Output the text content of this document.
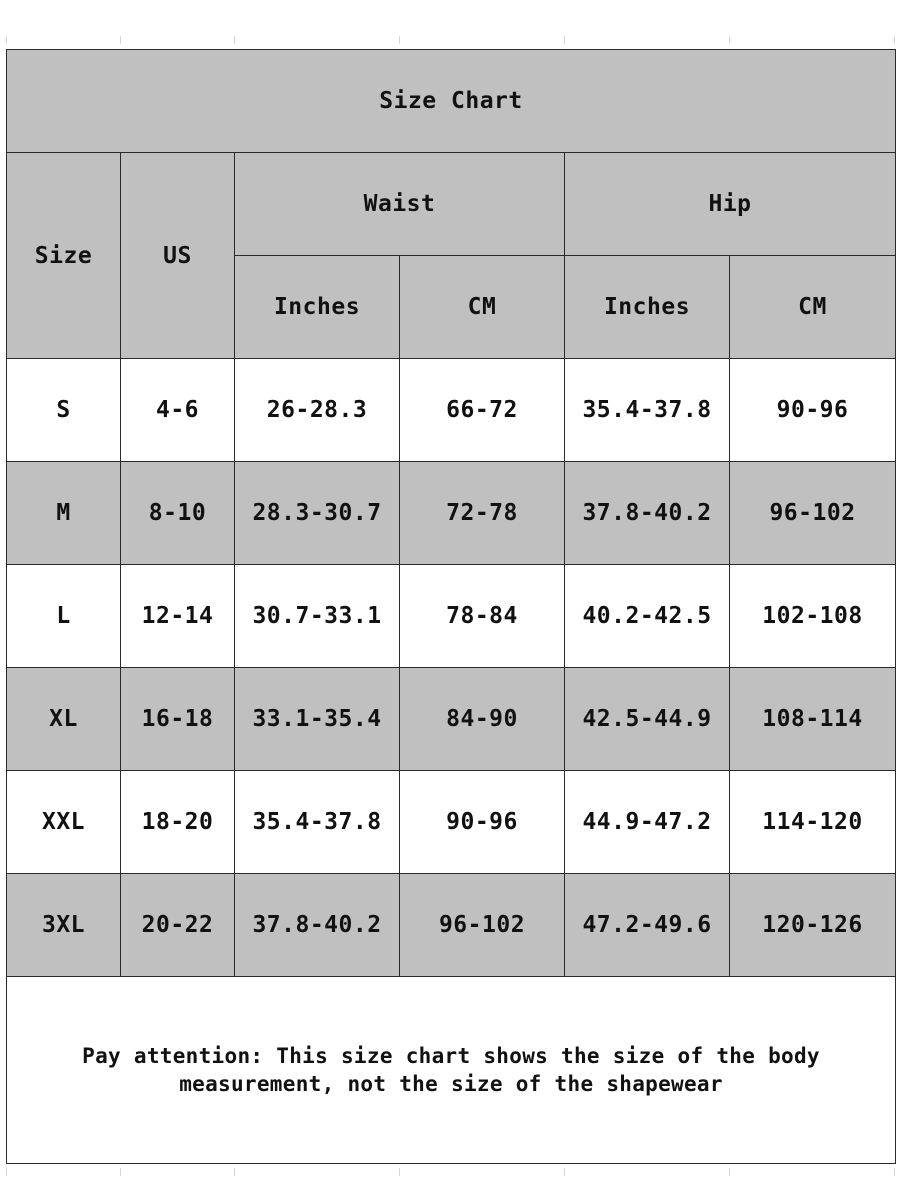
Size Chart					
Size	US	Waist		Hip	
		Inches	CM	Inches	CM
S	4-6	26-28.3	66-72	35.4-37.8	90-96
M	8-10	28.3-30.7	72-78	37.8-40.2	96-102
L	12-14	30.7-33.1	78-84	40.2-42.5	102-108
XL	16-18	33.1-35.4	84-90	42.5-44.9	108-114
XXL	18-20	35.4-37.8	90-96	44.9-47.2	114-120
3XL	20-22	37.8-40.2	96-102	47.2-49.6	120-126

Pay attention: This size chart shows the size of the body
measurement, not the size of the shapewear					
